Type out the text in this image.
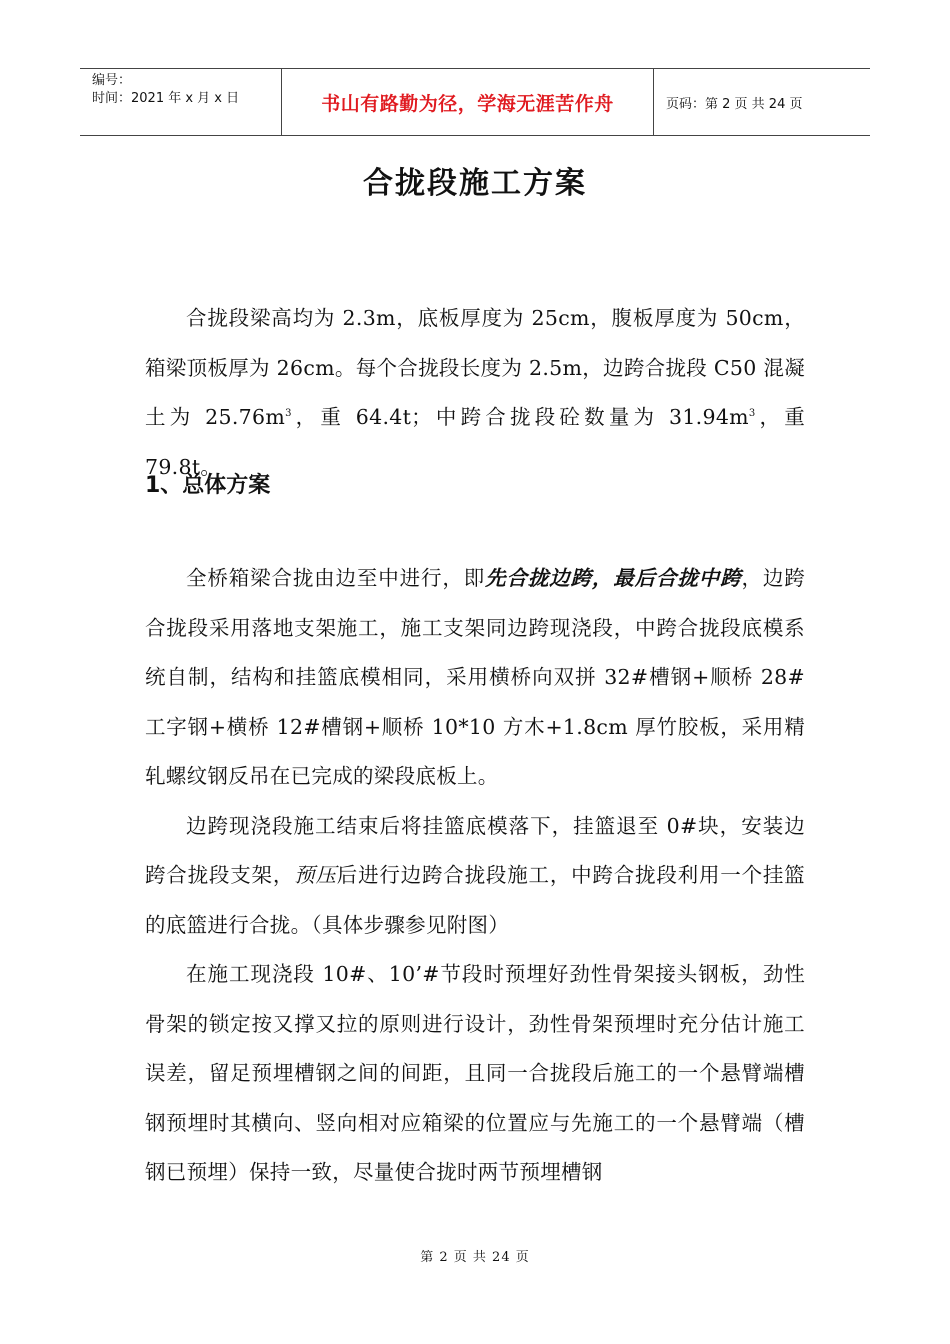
编号：
时间：2021 年 x 月 x 日	书山有路勤为径，学海无涯苦作舟	页码：第 2 页 共 24 页
合拢段施工方案

合拢段梁高均为 2.3m，底板厚度为 25cm，腹板厚度为 50cm，箱梁顶板厚为 26cm。每个合拢段长度为 2.5m，边跨合拢段 C50 混凝土为 $25.76m^3$，重 64.4t；中跨合拢段砼数量为 $31.94m^3$，重 79.8t。

1、总体方案

全桥箱梁合拢由边至中进行，即先合拢边跨，最后合拢中跨，边跨合拢段采用落地支架施工，施工支架同边跨现浇段，中跨合拢段底模系统自制，结构和挂篮底模相同，采用横桥向双拼 32#槽钢+顺桥 28#工字钢+横桥 12#槽钢+顺桥 10*10 方木+1.8cm 厚竹胶板，采用精轧螺纹钢反吊在已完成的梁段底板上。

边跨现浇段施工结束后将挂篮底模落下，挂篮退至 0#块，安装边跨合拢段支架，预压后进行边跨合拢段施工，中跨合拢段利用一个挂篮的底篮进行合拢。（具体步骤参见附图）

在施工现浇段 10#、10’#节段时预埋好劲性骨架接头钢板，劲性骨架的锁定按又撑又拉的原则进行设计，劲性骨架预埋时充分估计施工误差，留足预埋槽钢之间的间距，且同一合拢段后施工的一个悬臂端槽钢预埋时其横向、竖向相对应箱梁的位置应与先施工的一个悬臂端（槽钢已预埋）保持一致，尽量使合拢时两节预埋槽钢

第 2 页 共 24 页
